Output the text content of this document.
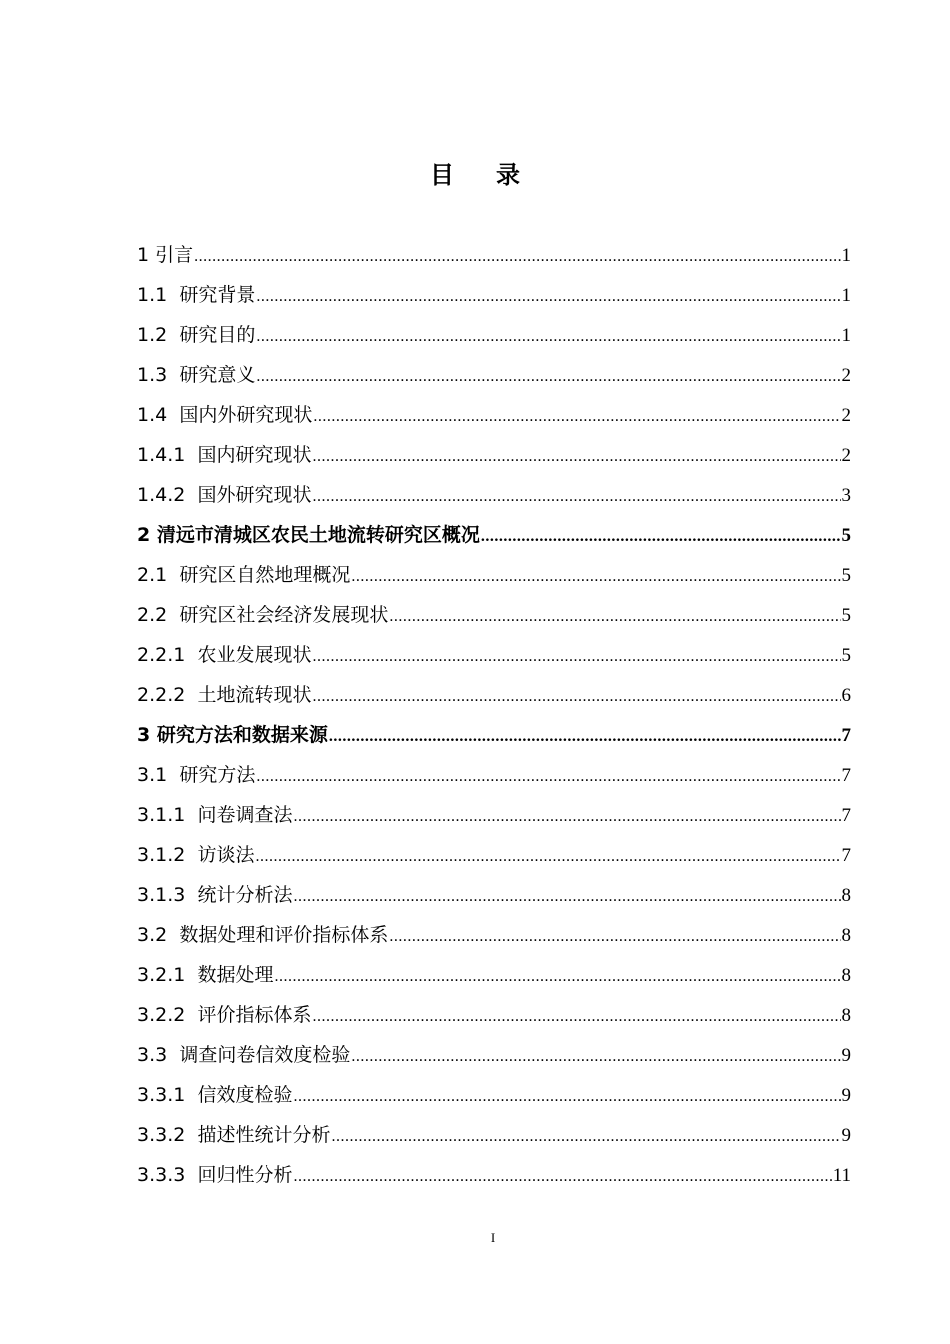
目录
1 引言 .....	1
1.1 研究背景 .....	1
1.2 研究目的 .....	1
1.3 研究意义 .....	2
1.4 国内外研究现状 .....	2
1.4.1 国内研究现状 .....	2
1.4.2 国外研究现状 .....	3
2 清远市清城区农民土地流转研究区概况 .....	5
2.1 研究区自然地理概况 .....	5
2.2 研究区社会经济发展现状 .....	5
2.2.1 农业发展现状 .....	5
2.2.2 土地流转现状 .....	6
3 研究方法和数据来源 .....	7
3.1 研究方法 .....	7
3.1.1 问卷调查法 .....	7
3.1.2 访谈法 .....	7
3.1.3 统计分析法 .....	8
3.2 数据处理和评价指标体系 .....	8
3.2.1 数据处理 .....	8
3.2.2 评价指标体系 .....	8
3.3 调查问卷信效度检验 .....	9
3.3.1 信效度检验 .....	9
3.3.2 描述性统计分析 .....	9
3.3.3 回归性分析 .....	11
I
